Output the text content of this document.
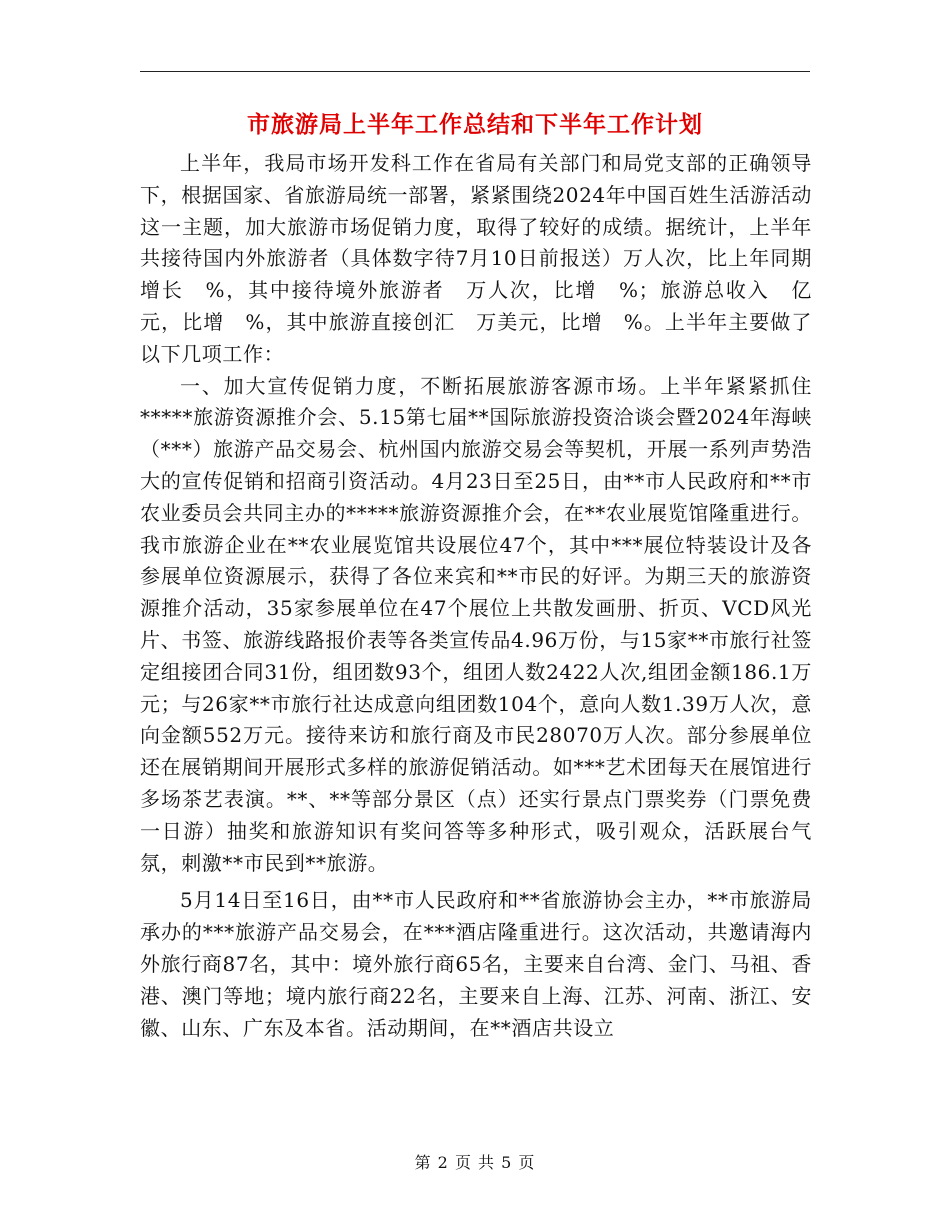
市旅游局上半年工作总结和下半年工作计划

上半年，我局市场开发科工作在省局有关部门和局党支部的正确领导下，根据国家、省旅游局统一部署，紧紧围绕2024年中国百姓生活游活动这一主题，加大旅游市场促销力度，取得了较好的成绩。据统计，上半年共接待国内外旅游者（具体数字待7月10日前报送）万人次，比上年同期增长　%，其中接待境外旅游者　万人次，比增　%；旅游总收入　亿元，比增　%，其中旅游直接创汇　万美元，比增　%。上半年主要做了以下几项工作：

一、加大宣传促销力度，不断拓展旅游客源市场。上半年紧紧抓住*****旅游资源推介会、5.15第七届**国际旅游投资洽谈会暨2024年海峡（***）旅游产品交易会、杭州国内旅游交易会等契机，开展一系列声势浩大的宣传促销和招商引资活动。4月23日至25日，由**市人民政府和**市农业委员会共同主办的*****旅游资源推介会，在**农业展览馆隆重进行。我市旅游企业在**农业展览馆共设展位47个，其中***展位特装设计及各参展单位资源展示，获得了各位来宾和**市民的好评。为期三天的旅游资源推介活动，35家参展单位在47个展位上共散发画册、折页、VCD风光片、书签、旅游线路报价表等各类宣传品4.96万份，与15家**市旅行社签定组接团合同31份，组团数93个，组团人数2422人次,组团金额186.1万元；与26家**市旅行社达成意向组团数104个，意向人数1.39万人次，意向金额552万元。接待来访和旅行商及市民28070万人次。部分参展单位还在展销期间开展形式多样的旅游促销活动。如***艺术团每天在展馆进行多场茶艺表演。**、**等部分景区（点）还实行景点门票奖券（门票免费一日游）抽奖和旅游知识有奖问答等多种形式，吸引观众，活跃展台气氛，刺激**市民到**旅游。

5月14日至16日，由**市人民政府和**省旅游协会主办，**市旅游局承办的***旅游产品交易会，在***酒店隆重进行。这次活动，共邀请海内外旅行商87名，其中：境外旅行商65名，主要来自台湾、金门、马祖、香港、澳门等地；境内旅行商22名，主要来自上海、江苏、河南、浙江、安徽、山东、广东及本省。活动期间，在**酒店共设立

第 2 页 共 5 页
